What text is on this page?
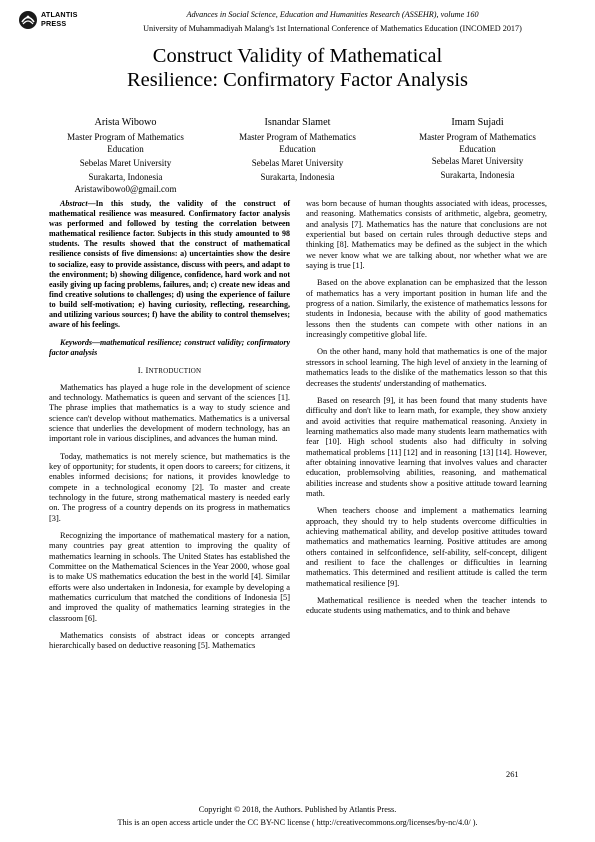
ATLANTIS
PRESS
Advances in Social Science, Education and Humanities Research (ASSEHR), volume 160
University of Muhammadiyah Malang's 1st International Conference of Mathematics Education (INCOMED 2017)
Construct Validity of Mathematical
Resilience: Confirmatory Factor Analysis
Arista Wibowo
Master Program of Mathematics
Education
Sebelas Maret University
Surakarta, Indonesia
Aristawibowo0@gmail.com
Isnandar Slamet
Master Program of Mathematics
Education
Sebelas Maret University
Surakarta, Indonesia
Imam Sujadi
Master Program of Mathematics
Education
Sebelas Maret University
Surakarta, Indonesia

Abstract—In this study, the validity of the construct of mathematical resilience was measured. Confirmatory factor analysis was performed and followed by testing the correlation between mathematical resilience factor. Subjects in this study amounted to 98 students. The results showed that the construct of mathematical resilience consists of five dimensions: a) uncertainties show the desire to socialize, easy to provide assistance, discuss with peers, and adapt to the environment; b) showing diligence, confidence, hard work and not easily giving up facing problems, failures, and; c) create new ideas and find creative solutions to challenges; d) using the experience of failure to build self-motivation; e) having curiosity, reflecting, researching, and utilizing various sources; f) have the ability to control themselves; aware of his feelings.

Keywords—mathematical resilience; construct validity; confirmatory factor analysis

I. INTRODUCTION

Mathematics has played a huge role in the development of science and technology. Mathematics is queen and servant of the sciences [1]. The phrase implies that mathematics is a way to study science and science can't develop without mathematics. Mathematics is a universal science that underlies the development of modern technology, has an important role in various disciplines, and advances the human mind.

Today, mathematics is not merely science, but mathematics is the key of opportunity; for students, it open doors to careers; for citizens, it enables informed decisions; for nations, it provides knowledge to compete in a technological economy [2]. To master and create technology in the future, strong mathematical mastery is needed early on. The progress of a country depends on its progress in mathematics [3].

Recognizing the importance of mathematical mastery for a nation, many countries pay great attention to improving the quality of mathematics learning in schools. The United States has established the Committee on the Mathematical Sciences in the Year 2000, whose goal is to make US mathematics education the best in the world [4]. Similar efforts were also undertaken in Indonesia, for example by developing a mathematics curriculum that matched the conditions of Indonesia [5] and improved the quality of mathematics learning strategies in the classroom [6].

Mathematics consists of abstract ideas or concepts arranged hierarchically based on deductive reasoning [5]. Mathematics

was born because of human thoughts associated with ideas, processes, and reasoning. Mathematics consists of arithmetic, algebra, geometry, and analysis [7]. Mathematics has the nature that conclusions are not experiential but based on certain rules through deductive steps and thinking [8]. Mathematics may be defined as the subject in the which we never know what we are talking about, nor whether what we are saying is true [1].

Based on the above explanation can be emphasized that the lesson of mathematics has a very important position in human life and the progress of a nation. Similarly, the existence of mathematics lessons for students in Indonesia, because with the ability of good mathematics lessons then the students can compete with other nations in an increasingly competitive global life.

On the other hand, many hold that mathematics is one of the major stressors in school learning. The high level of anxiety in the learning of mathematics leads to the dislike of the mathematics lesson so that this decreases the students' understanding of mathematics.

Based on research [9], it has been found that many students have difficulty and don't like to learn math, for example, they show anxiety and avoid activities that require mathematical reasoning. Anxiety in learning mathematics also made many students learn mathematics with fear [10]. High school students also had difficulty in solving mathematical problems [11] [12] and in reasoning [13] [14]. However, after obtaining innovative learning that involves values and character education, problemsolving abilities, reasoning, and mathematical abilities increase and students show a positive attitude toward learning math.

When teachers choose and implement a mathematics learning approach, they should try to help students overcome difficulties in achieving mathematical ability, and develop positive attitudes toward mathematics and mathematics learning. Positive attitudes are among others contained in selfconfidence, self-ability, self-concept, diligent and resilient to face the challenges or difficulties in learning mathematics. This determined and resilient attitude is called the term mathematical resilience [9].

Mathematical resilience is needed when the teacher intends to educate students using mathematics, and to think and behave

261
Copyright © 2018, the Authors. Published by Atlantis Press.
This is an open access article under the CC BY-NC license ( http://creativecommons.org/licenses/by-nc/4.0/ ).
